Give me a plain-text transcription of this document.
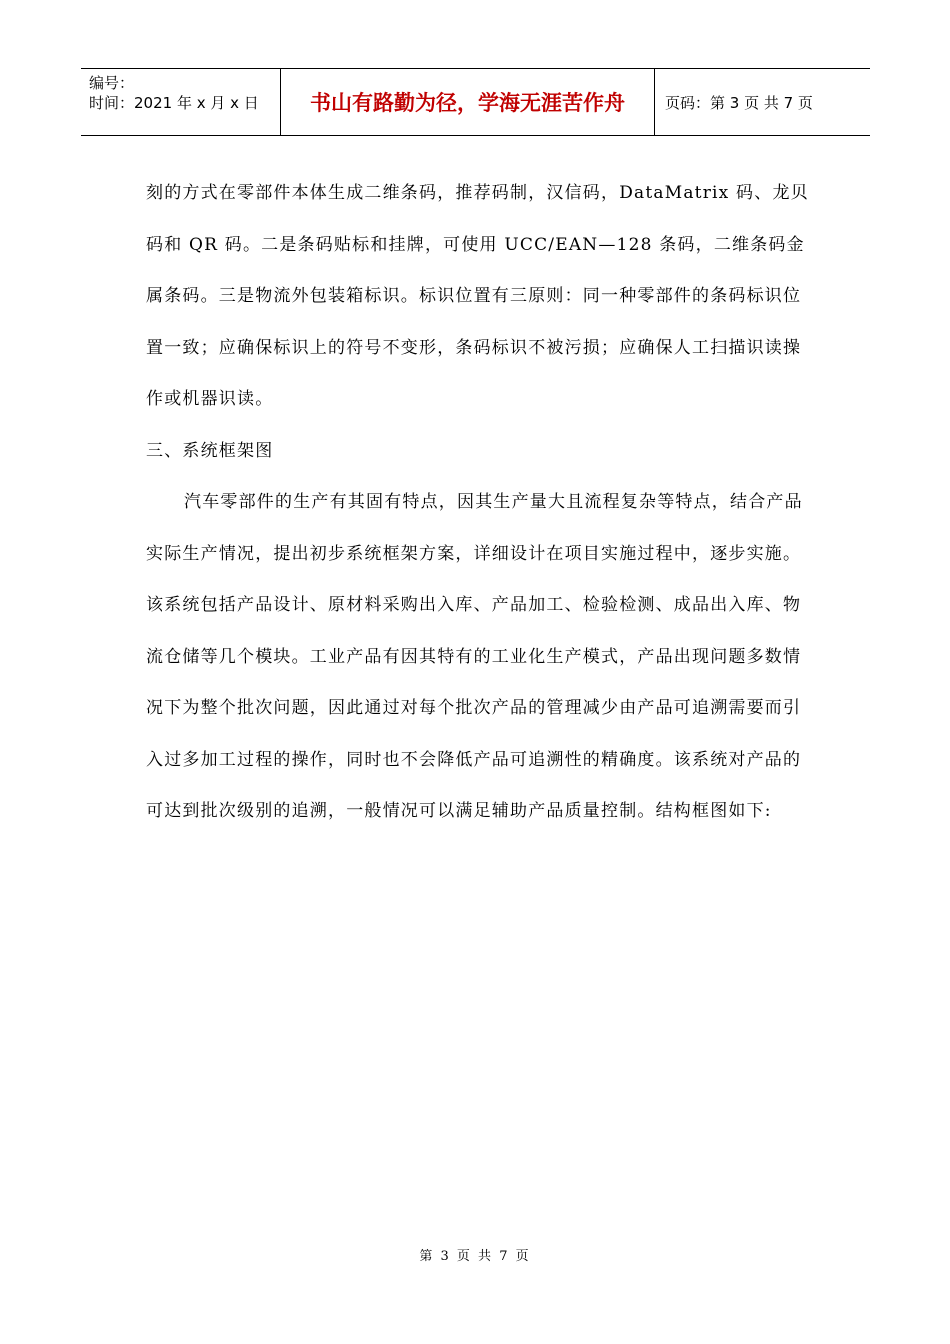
编号：
时间：2021 年 x 月 x 日	书山有路勤为径，学海无涯苦作舟	页码：第 3 页 共 7 页

刻的方式在零部件本体生成二维条码，推荐码制，汉信码，DataMatrix 码、龙贝码和 QR 码。二是条码贴标和挂牌，可使用 UCC/EAN—128 条码，二维条码金属条码。三是物流外包装箱标识。标识位置有三原则：同一种零部件的条码标识位置一致；应确保标识上的符号不变形，条码标识不被污损；应确保人工扫描识读操作或机器识读。

三、系统框架图

汽车零部件的生产有其固有特点，因其生产量大且流程复杂等特点，结合产品实际生产情况，提出初步系统框架方案，详细设计在项目实施过程中，逐步实施。该系统包括产品设计、原材料采购出入库、产品加工、检验检测、成品出入库、物流仓储等几个模块。工业产品有因其特有的工业化生产模式，产品出现问题多数情况下为整个批次问题，因此通过对每个批次产品的管理减少由产品可追溯需要而引入过多加工过程的操作，同时也不会降低产品可追溯性的精确度。该系统对产品的可达到批次级别的追溯，一般情况可以满足辅助产品质量控制。结构框图如下:

第 3 页 共 7 页
